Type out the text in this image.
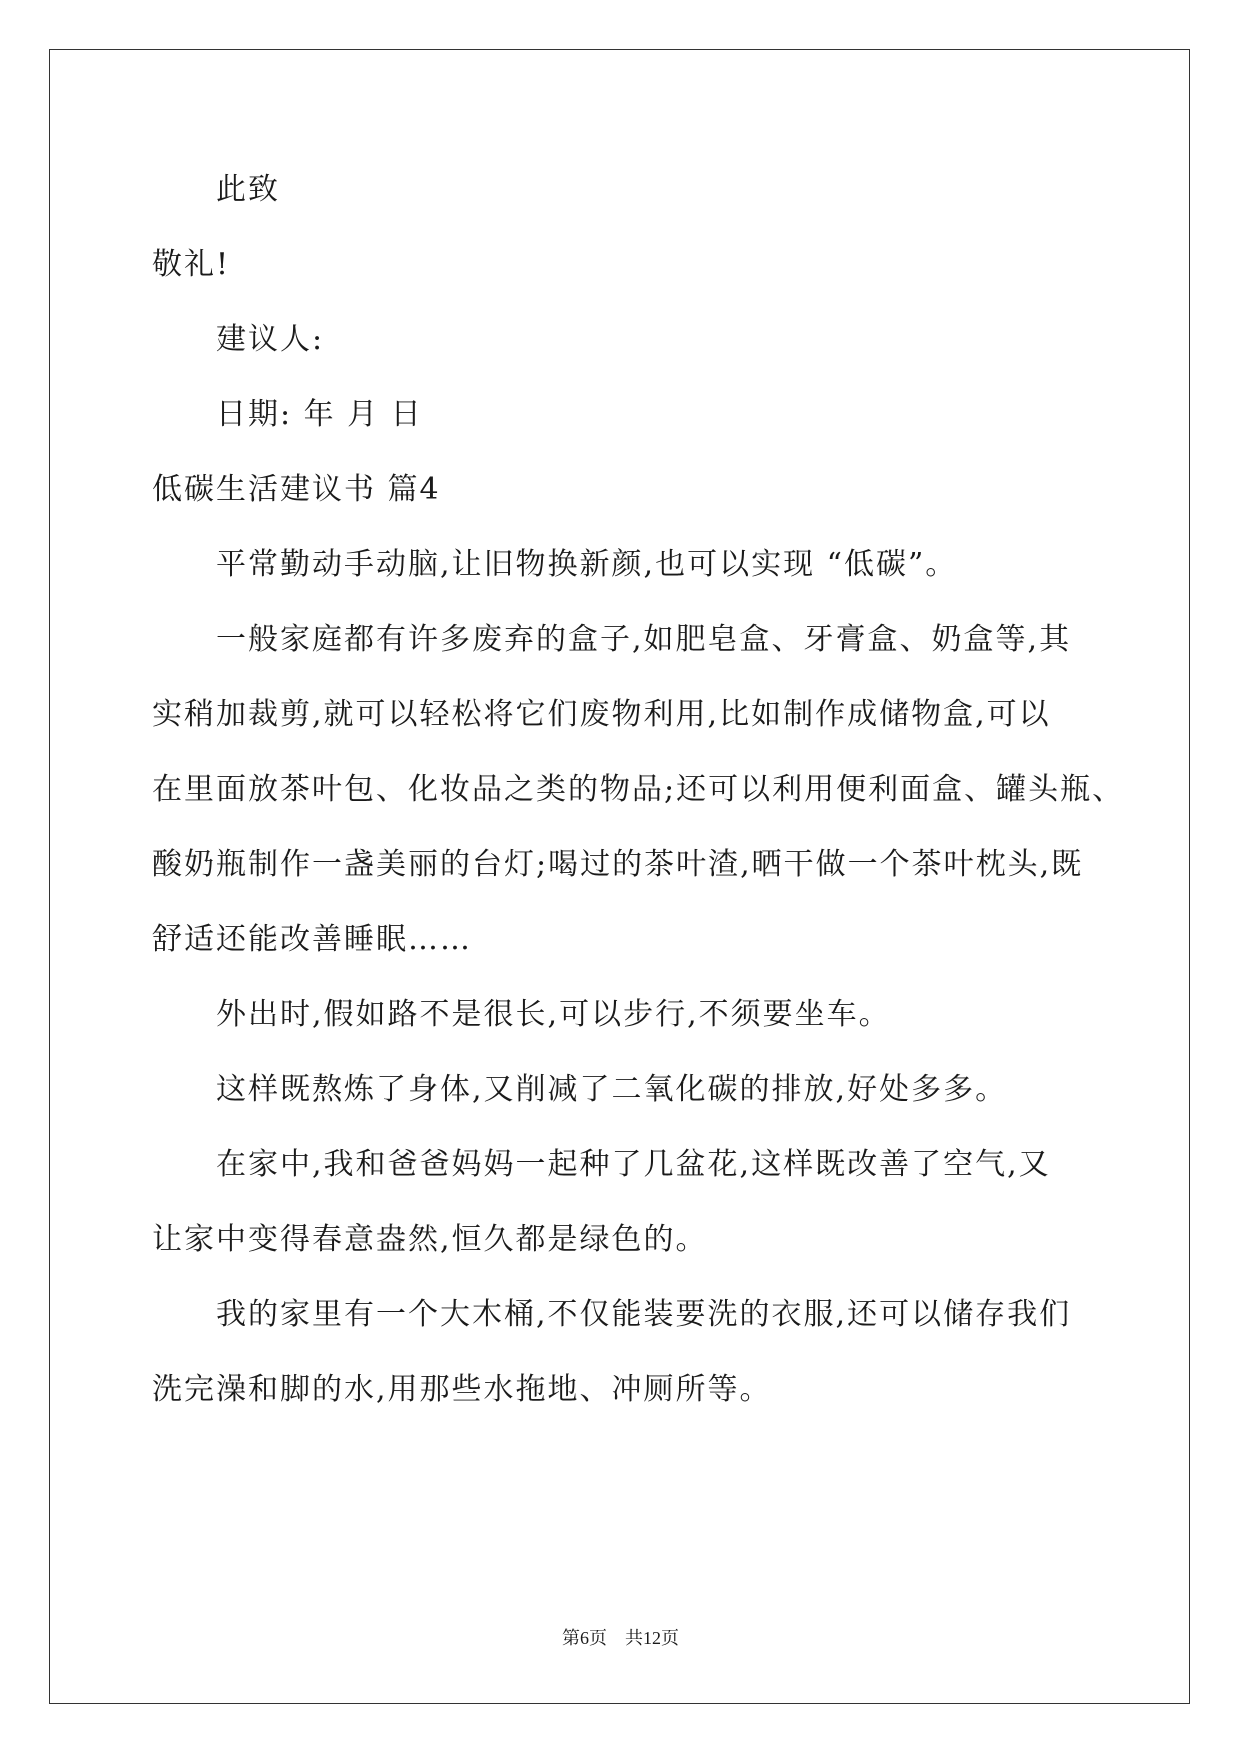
此致
敬礼!
建议人:
日期: 年 月 日
低碳生活建议书 篇4
平常勤动手动脑,让旧物换新颜,也可以实现 “低碳”。
一般家庭都有许多废弃的盒子,如肥皂盒、牙膏盒、奶盒等,其
实稍加裁剪,就可以轻松将它们废物利用,比如制作成储物盒,可以
在里面放茶叶包、化妆品之类的物品;还可以利用便利面盒、罐头瓶、
酸奶瓶制作一盏美丽的台灯;喝过的茶叶渣,晒干做一个茶叶枕头,既
舒适还能改善睡眠……
外出时,假如路不是很长,可以步行,不须要坐车。
这样既熬炼了身体,又削减了二氧化碳的排放,好处多多。
在家中,我和爸爸妈妈一起种了几盆花,这样既改善了空气,又
让家中变得春意盎然,恒久都是绿色的。
我的家里有一个大木桶,不仅能装要洗的衣服,还可以储存我们
洗完澡和脚的水,用那些水拖地、冲厕所等。
第6页 共12页
